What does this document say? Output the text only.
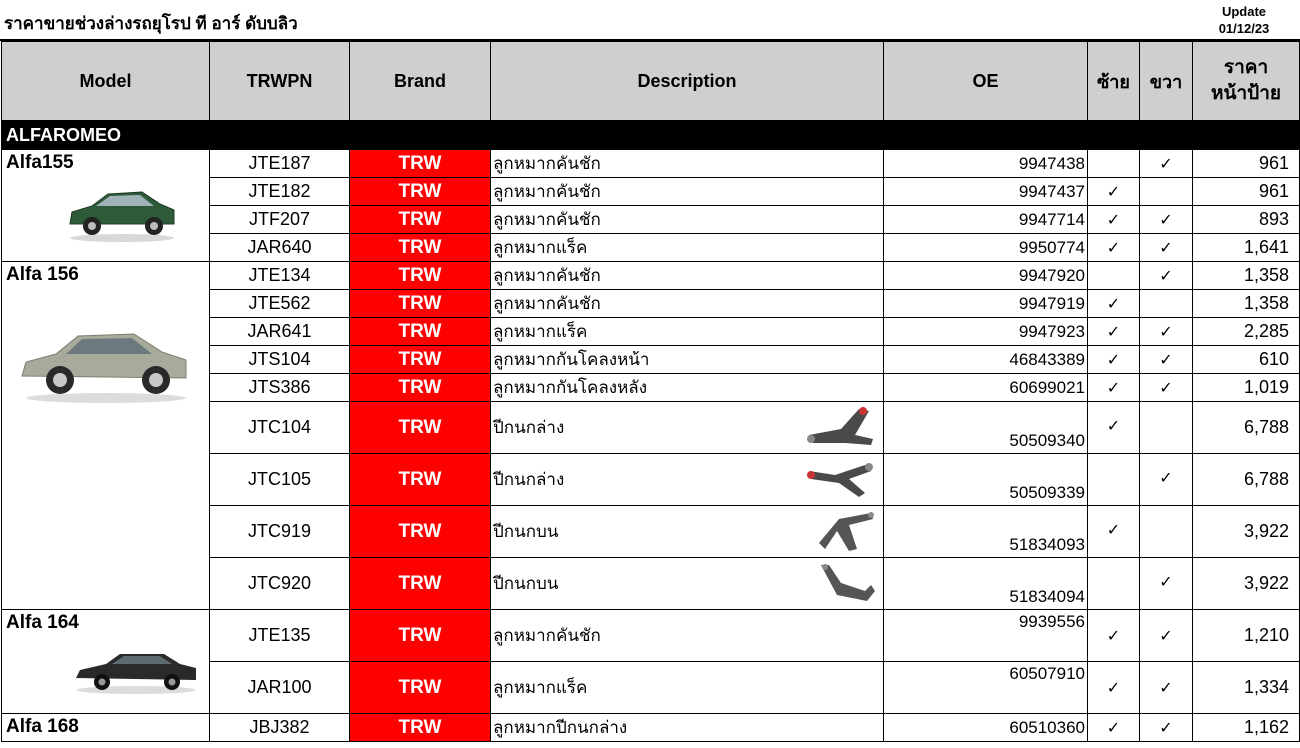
ราคาขายช่วงล่างรถยุโรป ที อาร์ ดับบลิว
Update
01/12/23
Model	TRWPN	Brand	Description	OE	ซ้าย	ขวา	ราคา
หน้าป้าย

ALFAROMEO							

Alfa155	JTE187	TRW	ลูกหมากคันชัก	9947438		✓	961
	JTE182	TRW	ลูกหมากคันชัก	9947437	✓		961
	JTF207	TRW	ลูกหมากคันชัก	9947714	✓	✓	893
	JAR640	TRW	ลูกหมากแร็ค	9950774	✓	✓	1,641

Alfa 156	JTE134	TRW	ลูกหมากคันชัก	9947920		✓	1,358
	JTE562	TRW	ลูกหมากคันชัก	9947919	✓		1,358
	JAR641	TRW	ลูกหมากแร็ค	9947923	✓	✓	2,285
	JTS104	TRW	ลูกหมากกันโคลงหน้า	46843389	✓	✓	610
	JTS386	TRW	ลูกหมากกันโคลงหลัง	60699021	✓	✓	1,019
	JTC104	TRW	ปีกนกล่าง	50509340	✓		6,788
	JTC105	TRW	ปีกนกล่าง	50509339		✓	6,788
	JTC919	TRW	ปีกนกบน	51834093	✓		3,922
	JTC920	TRW	ปีกนกบน	51834094		✓	3,922

Alfa 164	JTE135	TRW	ลูกหมากคันชัก	9939556	✓	✓	1,210
	JAR100	TRW	ลูกหมากแร็ค	60507910	✓	✓	1,334

Alfa 168	JBJ382	TRW	ลูกหมากปีกนกล่าง	60510360	✓	✓	1,162
